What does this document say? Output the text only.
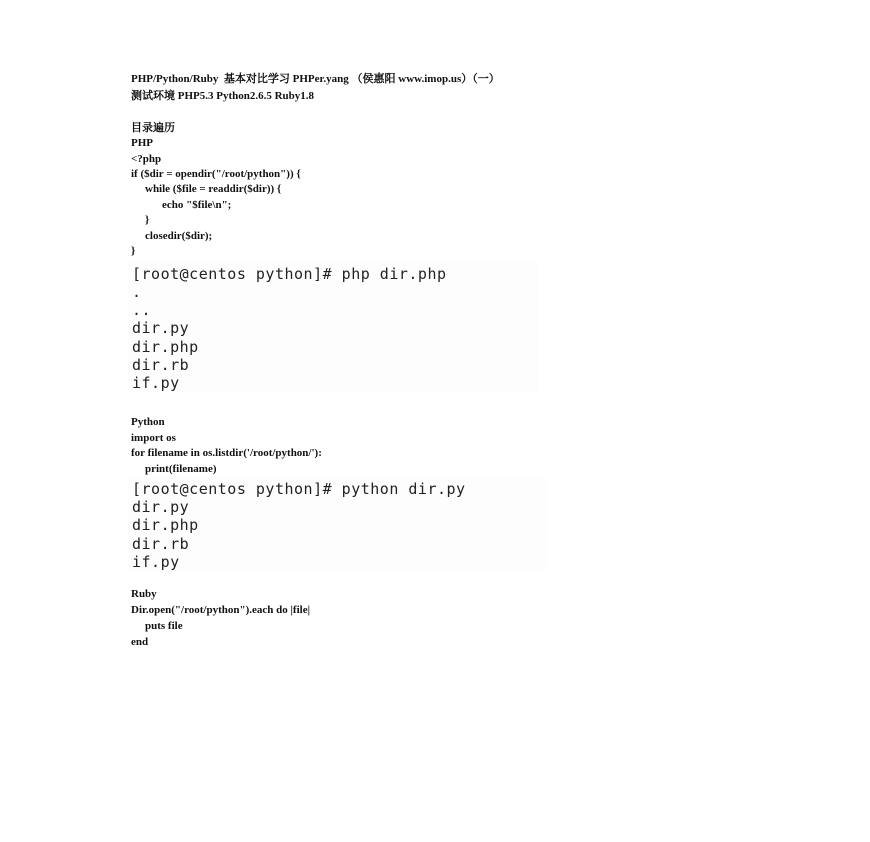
PHP/Python/Ruby  基本对比学习 PHPer.yang （侯惠阳 www.imop.us）（一）
测试环境 PHP5.3 Python2.6.5 Ruby1.8
目录遍历
PHP
<?php
if ($dir = opendir("/root/python")) {
while ($file = readdir($dir)) {
echo "$file\n";
}
closedir($dir);
}
[root@centos python]# php dir.php
.
..
dir.py
dir.php
dir.rb
if.py
Python
import os
for filename in os.listdir('/root/python/'):
print(filename)
[root@centos python]# python dir.py
dir.py
dir.php
dir.rb
if.py
Ruby
Dir.open("/root/python").each do |file|
puts file
end
